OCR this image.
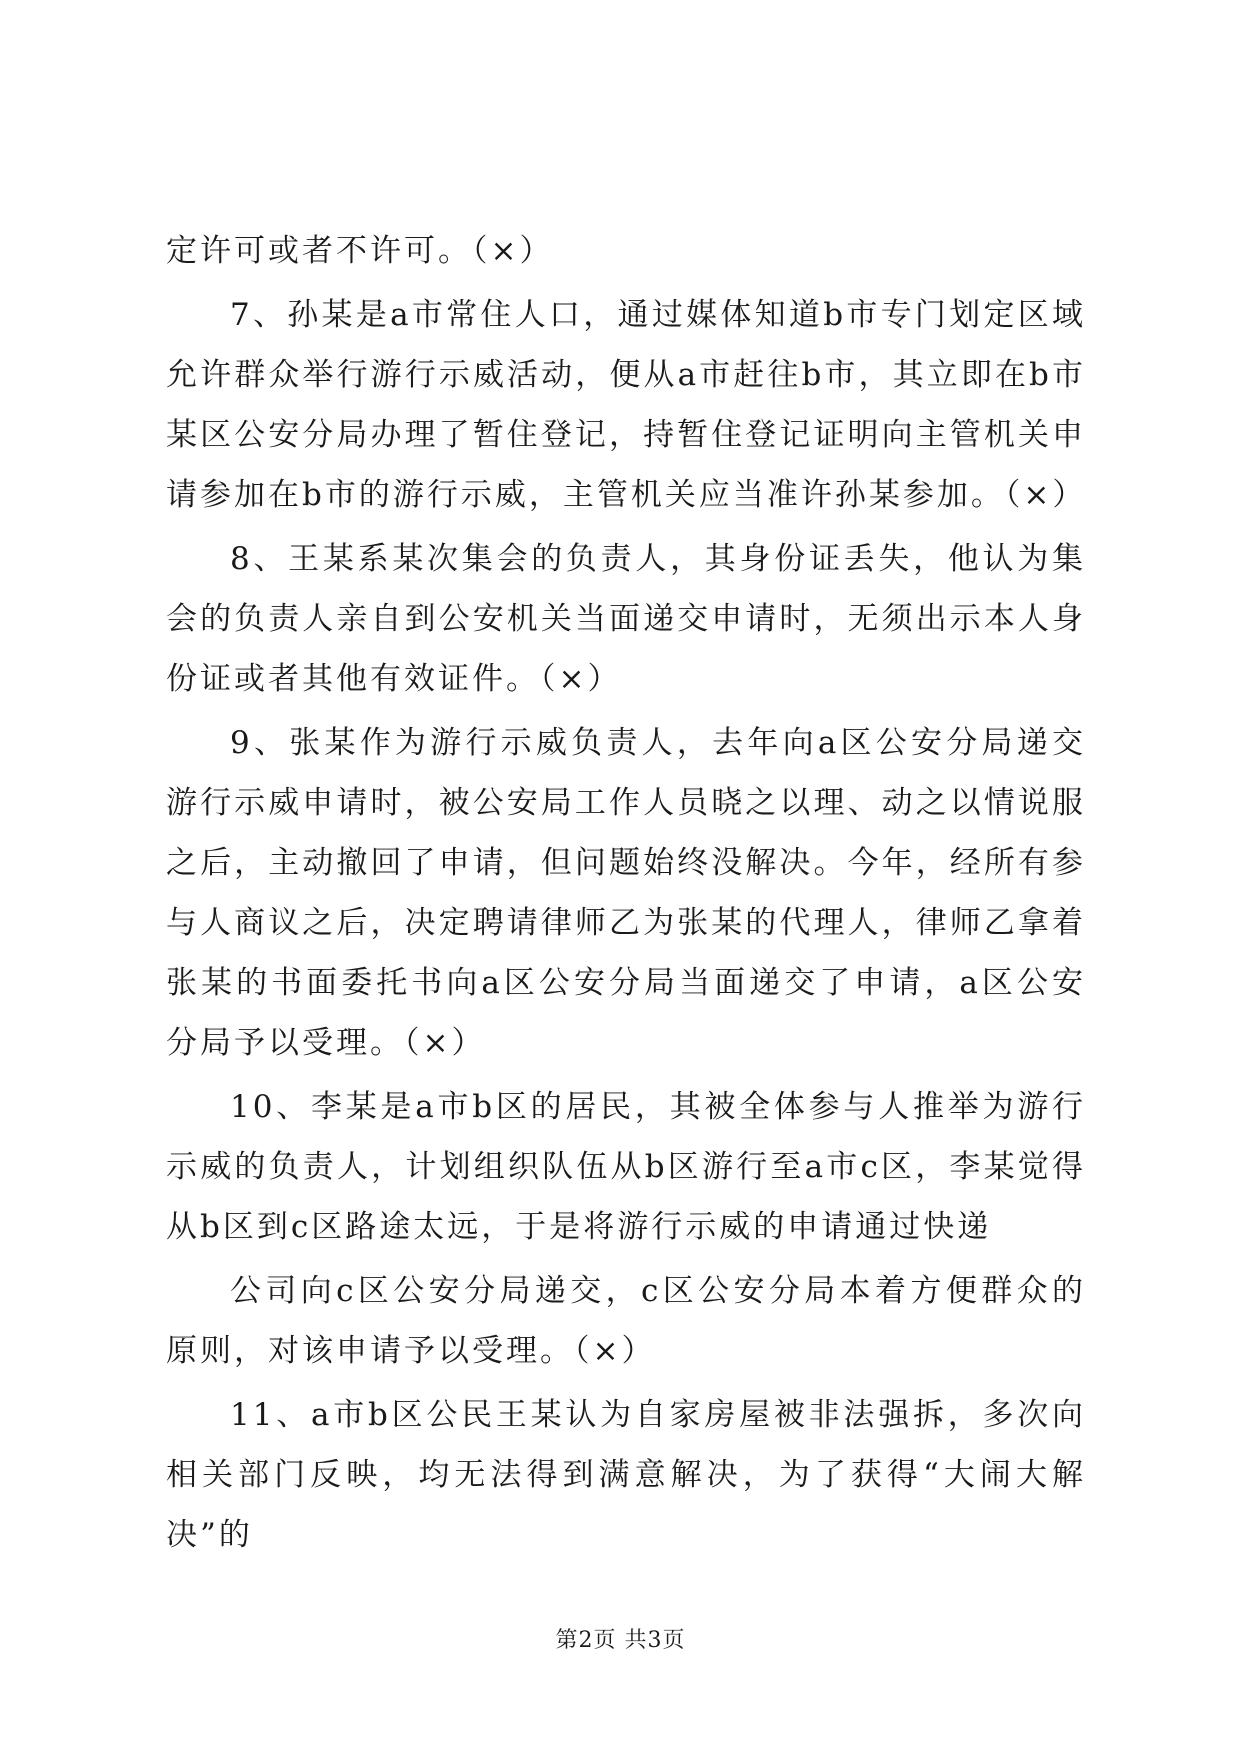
定许可或者不许可。（×）

7、孙某是a市常住人口，通过媒体知道b市专门划定区域允许群众举行游行示威活动，便从a市赶往b市，其立即在b市某区公安分局办理了暂住登记，持暂住登记证明向主管机关申请参加在b市的游行示威，主管机关应当准许孙某参加。（×）

8、王某系某次集会的负责人，其身份证丢失，他认为集会的负责人亲自到公安机关当面递交申请时，无须出示本人身份证或者其他有效证件。（×）

9、张某作为游行示威负责人，去年向a区公安分局递交游行示威申请时，被公安局工作人员晓之以理、动之以情说服之后，主动撤回了申请，但问题始终没解决。今年，经所有参与人商议之后，决定聘请律师乙为张某的代理人，律师乙拿着张某的书面委托书向a区公安分局当面递交了申请，a区公安分局予以受理。（×）

10、李某是a市b区的居民，其被全体参与人推举为游行示威的负责人，计划组织队伍从b区游行至a市c区，李某觉得从b区到c区路途太远，于是将游行示威的申请通过快递

公司向c区公安分局递交，c区公安分局本着方便群众的原则，对该申请予以受理。（×）

11、a市b区公民王某认为自家房屋被非法强拆，多次向相关部门反映，均无法得到满意解决，为了获得“大闹大解决”的

第2页 共3页
